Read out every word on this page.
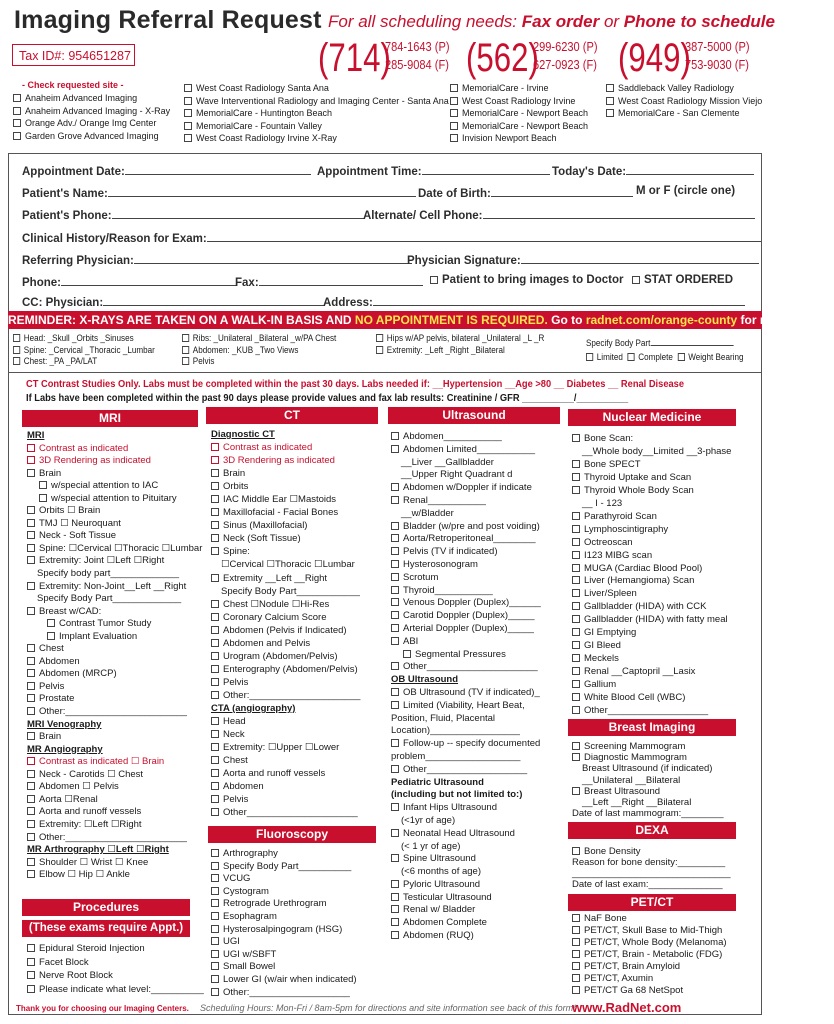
Imaging Referral Request
Tax ID#: 954651287
For all scheduling needs: Fax order or Phone to schedule
(714)
784-1643 (P)
285-9084 (F) (562)
299-6230 (P)
627-0923 (F) (949)
387-5000 (P)
753-9030 (F)
- Check requested site -
Anaheim Advanced Imaging
Anaheim Advanced Imaging - X-Ray
Orange Adv./ Orange Img Center
Garden Grove Advanced Imaging
West Coast Radiology Santa Ana
Wave Interventional Radiology and Imaging Center - Santa Ana
MemorialCare - Huntington Beach
MemorialCare - Fountain Valley
West Coast Radiology Irvine X-Ray
MemorialCare - Irvine
West Coast Radiology Irvine
MemorialCare - Newport Beach
MemorialCare - Newport Beach
Invision Newport Beach
Saddleback Valley Radiology
West Coast Radiology Mission Viejo
MemorialCare - San Clemente
Appointment Date:	Appointment Time:	Today's Date:
Patient's Name:	Date of Birth:	M or F (circle one)
Patient's Phone:	Alternate/ Cell Phone:
Clinical History/Reason for Exam:
Referring Physician:	Physician Signature:
Phone:	Fax:	Patient to bring images to Doctor	STAT ORDERED
CC: Physician:	Address:
REMINDER: X-RAYS ARE TAKEN ON A WALK-IN BASIS AND NO APPOINTMENT IS REQUIRED. Go to radnet.com/orange-county for more details.
Head: _Skull _Orbits _Sinuses
Spine: _Cervical _Thoracic _Lumbar
Chest: _PA _PA/LAT
Ribs: _Unilateral _Bilateral _w/PA Chest
Abdomen: _KUB _Two Views
Pelvis
Hips w/AP pelvis, bilateral _Unilateral _L _R
Extremity: _Left _Right _Bilateral
Specify Body Part
Limited Complete Weight Bearing
CT Contrast Studies Only. Labs must be completed within the past 30 days. Labs needed if: __Hypertension __Age >80 __ Diabetes __ Renal Disease
If Labs have been completed within the past 90 days please provide values and fax lab results: Creatinine / GFR __________/__________
MRI	CT	Ultrasound	Nuclear Medicine
Fluoroscopy
Procedures
(These exams require Appt.)
Breast Imaging
DEXA
PET/CT
MRI
Contrast as indicated
3D Rendering as indicated
Brain
w/special attention to IAC
w/special attention to Pituitary
Orbits ☐ Brain
TMJ ☐ Neuroquant
Neck - Soft Tissue
Spine: ☐Cervical ☐Thoracic ☐Lumbar
Extremity: Joint ☐Left ☐Right
Specify body part_____________
Extremity: Non-Joint__Left __Right
Specify Body Part_____________
Breast w/CAD:
Contrast Tumor Study
Implant Evaluation
Chest
Abdomen
Abdomen (MRCP)
Pelvis
Prostate
Other:_______________________
MRI Venography
Brain
MR Angiography
Contrast as indicated ☐ Brain
Neck - Carotids ☐ Chest
Abdomen ☐ Pelvis
Aorta ☐Renal
Aorta and runoff vessels
Extremity: ☐Left ☐Right
Other:_______________________
MR Arthrography ☐Left ☐Right
Shoulder ☐ Wrist ☐ Knee
Elbow ☐ Hip ☐ Ankle
Epidural Steroid Injection
Facet Block
Nerve Root Block
Please indicate what level:__________
Diagnostic CT
Contrast as indicated
3D Rendering as indicated
Brain
Orbits
IAC Middle Ear ☐Mastoids
Maxillofacial - Facial Bones
Sinus (Maxillofacial)
Neck (Soft Tissue)
Spine:
☐Cervical ☐Thoracic ☐Lumbar
Extremity __Left __Right
Specify Body Part____________
Chest ☐Nodule ☐Hi-Res
Coronary Calcium Score
Abdomen (Pelvis if Indicated)
Abdomen and Pelvis
Urogram (Abdomen/Pelvis)
Enterography (Abdomen/Pelvis)
Pelvis
Other:_____________________
CTA (angiography)
Head
Neck
Extremity: ☐Upper ☐Lower
Chest
Aorta and runoff vessels
Abdomen
Pelvis
Other_____________________
Arthrography
Specify Body Part__________
VCUG
Cystogram
Retrograde Urethrogram
Esophagram
Hysterosalpingogram (HSG)
UGI
UGI w/SBFT
Small Bowel
Lower GI (w/air when indicated)
Other:___________________
Abdomen___________
Abdomen Limited___________
__Liver __Gallbladder
__Upper Right Quadrant d
Abdomen w/Doppler if indicate
Renal___________
__w/Bladder
Bladder (w/pre and post voiding)
Aorta/Retroperitoneal________
Pelvis (TV if indicated)
Hysterosonogram
Scrotum
Thyroid___________
Venous Doppler (Duplex)______
Carotid Doppler (Duplex)_____
Arterial Doppler (Duplex)_____
ABI
Segmental Pressures
Other_____________________
OB Ultrasound
OB Ultrasound (TV if indicated)_
Limited (Viability, Heart Beat,
Position, Fluid, Placental
Location)_________________
Follow-up -- specify documented
problem__________________
Other___________________
Pediatric Ultrasound
(including but not limited to:)
Infant Hips Ultrasound
(<1yr of age)
Neonatal Head Ultrasound
(< 1 yr of age)
Spine Ultrasound
(<6 months of age)
Pyloric Ultrasound
Testicular Ultrasound
Renal w/ Bladder
Abdomen Complete
Abdomen (RUQ)
Bone Scan:
__Whole body__Limited __3-phase
Bone SPECT
Thyroid Uptake and Scan
Thyroid Whole Body Scan
__ I - 123
Parathyroid Scan
Lymphoscintigraphy
Octreoscan
I123 MIBG scan
MUGA (Cardiac Blood Pool)
Liver (Hemangioma) Scan
Liver/Spleen
Gallbladder (HIDA) with CCK
Gallbladder (HIDA) with fatty meal
GI Emptying
GI Bleed
Meckels
Renal __Captopril __Lasix
Gallium
White Blood Cell (WBC)
Other___________________
Screening Mammogram
Diagnostic Mammogram
Breast Ultrasound (if indicated)
__Unilateral __Bilateral
Breast Ultrasound
__Left __Right __Bilateral
Date of last mammogram:________
Bone Density
Reason for bone density:_________
______________________________
Date of last exam:______________
NaF Bone
PET/CT, Skull Base to Mid-Thigh
PET/CT, Whole Body (Melanoma)
PET/CT, Brain - Metabolic (FDG)
PET/CT, Brain Amyloid
PET/CT, Axumin
PET/CT Ga 68 NetSpot
Thank you for choosing our Imaging Centers. Scheduling Hours: Mon-Fri / 8am-5pm for directions and site information see back of this form*
www.RadNet.com
